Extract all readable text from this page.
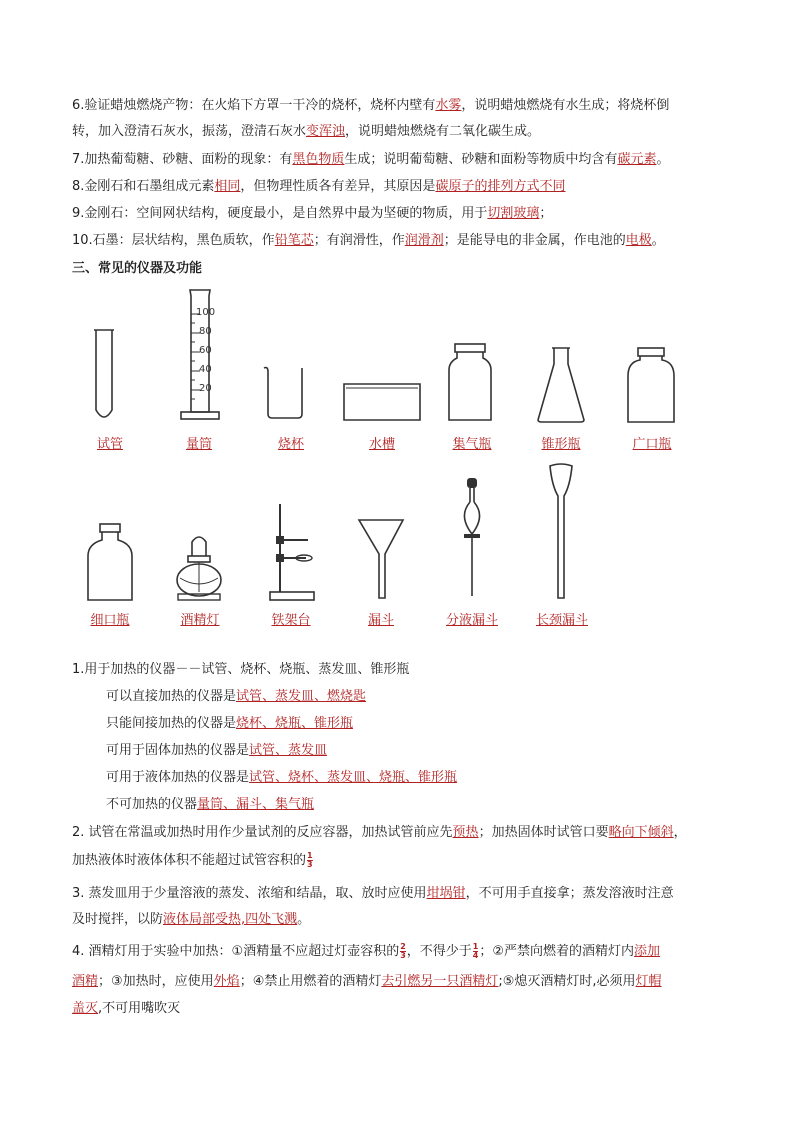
6.验证蜡烛燃烧产物：在火焰下方罩一干冷的烧杯，烧杯内壁有水雾，说明蜡烛燃烧有水生成；将烧杯倒
转，加入澄清石灰水，振荡，澄清石灰水变浑浊，说明蜡烛燃烧有二氧化碳生成。
7.加热葡萄糖、砂糖、面粉的现象：有黑色物质生成；说明葡萄糖、砂糖和面粉等物质中均含有碳元素。
8.金刚石和石墨组成元素相同，但物理性质各有差异，其原因是碳原子的排列方式不同
9.金刚石：空间网状结构，硬度最小，是自然界中最为坚硬的物质，用于切割玻璃；
10.石墨：层状结构，黑色质软，作铅笔芯；有润滑性，作润滑剂；是能导电的非金属，作电池的电极。
三、常见的仪器及功能
100
80
60
40
20
试管	量筒	烧杯	水槽	集气瓶	锥形瓶	广口瓶
细口瓶	酒精灯	铁架台	漏斗	分液漏斗	长颈漏斗
1.用于加热的仪器－－试管、烧杯、烧瓶、蒸发皿、锥形瓶
可以直接加热的仪器是试管、蒸发皿、燃烧匙
只能间接加热的仪器是烧杯、烧瓶、锥形瓶
可用于固体加热的仪器是试管、蒸发皿
可用于液体加热的仪器是试管、烧杯、蒸发皿、烧瓶、锥形瓶
不可加热的仪器量筒、漏斗、集气瓶
2. 试管在常温或加热时用作少量试剂的反应容器，加热试管前应先预热；加热固体时试管口要略向下倾斜，
加热液体时液体体积不能超过试管容积的 $\frac{1}{3}$
3. 蒸发皿用于少量溶液的蒸发、浓缩和结晶，取、放时应使用坩埚钳，不可用手直接拿；蒸发溶液时注意
及时搅拌，以防液体局部受热,四处飞溅。
4. 酒精灯用于实验中加热：①酒精量不应超过灯壶容积的 $\frac{2}{3}$ ，不得少于 $\frac{1}{4}$ ；②严禁向燃着的酒精灯内添加
酒精；③加热时，应使用外焰；④禁止用燃着的酒精灯去引燃另一只酒精灯;⑤熄灭酒精灯时,必须用灯帽
盖灭,不可用嘴吹灭
